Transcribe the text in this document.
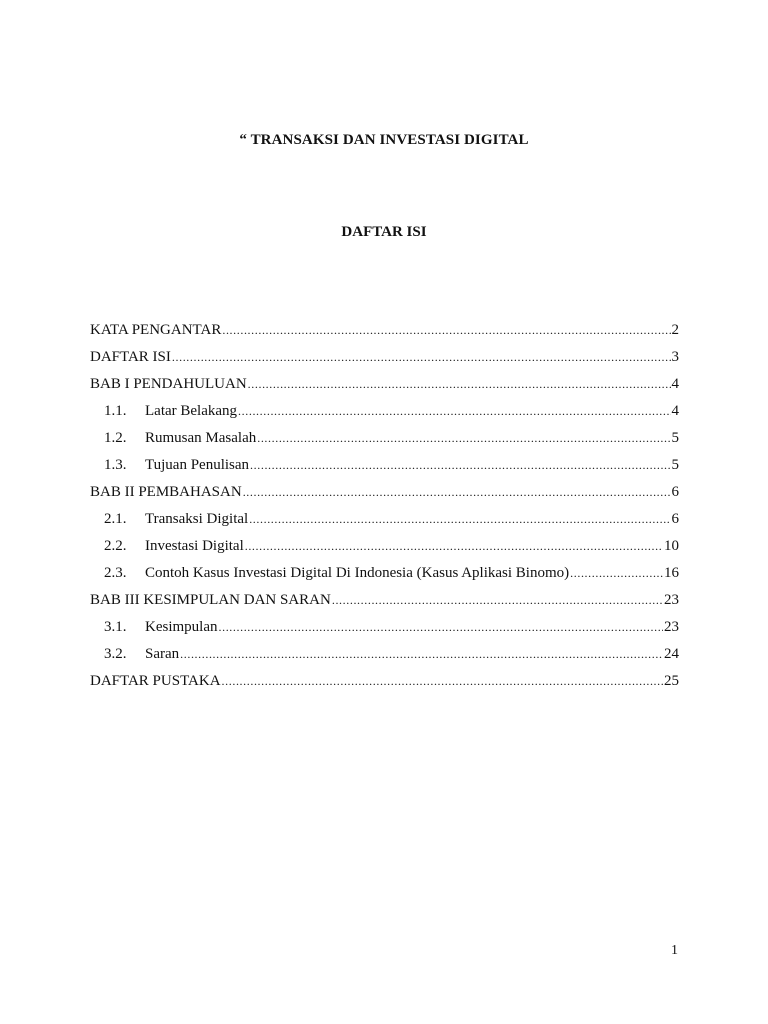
“ TRANSAKSI DAN INVESTASI DIGITAL
DAFTAR ISI
KATA PENGANTAR .....	2
DAFTAR ISI .....	3
BAB I PENDAHULUAN .....	4
1.1.	Latar Belakang .....	4
1.2.	Rumusan Masalah .....	5
1.3.	Tujuan Penulisan .....	5
BAB II PEMBAHASAN .....	6
2.1.	Transaksi Digital .....	6
2.2.	Investasi Digital .....	10
2.3.	Contoh Kasus Investasi Digital Di Indonesia (Kasus Aplikasi Binomo) .....	16
BAB III KESIMPULAN DAN SARAN .....	23
3.1.	Kesimpulan .....	23
3.2.	Saran .....	24
DAFTAR PUSTAKA .....	25
1
